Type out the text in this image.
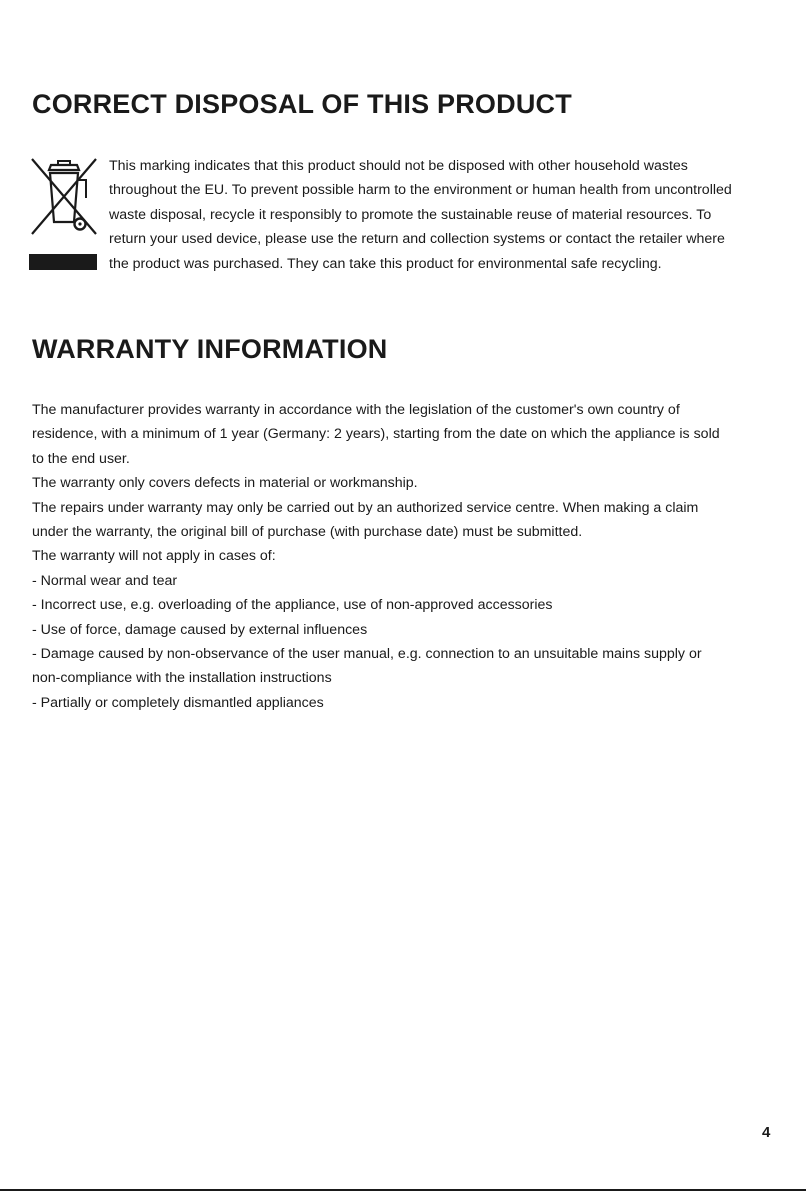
CORRECT DISPOSAL OF THIS PRODUCT
This marking indicates that this product should not be disposed with other household wastes
throughout the EU. To prevent possible harm to the environment or human health from uncontrolled
waste disposal, recycle it responsibly to promote the sustainable reuse of material resources. To
return your used device, please use the return and collection systems or contact the retailer where
the product was purchased. They can take this product for environmental safe recycling.
WARRANTY INFORMATION
The manufacturer provides warranty in accordance with the legislation of the customer's own country of
residence, with a minimum of 1 year (Germany: 2 years), starting from the date on which the appliance is sold
to the end user.
The warranty only covers defects in material or workmanship.
The repairs under warranty may only be carried out by an authorized service centre. When making a claim
under the warranty, the original bill of purchase (with purchase date) must be submitted.
The warranty will not apply in cases of:
- Normal wear and tear
- Incorrect use, e.g. overloading of the appliance, use of non-approved accessories
- Use of force, damage caused by external influences
- Damage caused by non-observance of the user manual, e.g. connection to an unsuitable mains supply or
non-compliance with the installation instructions
- Partially or completely dismantled appliances
4
